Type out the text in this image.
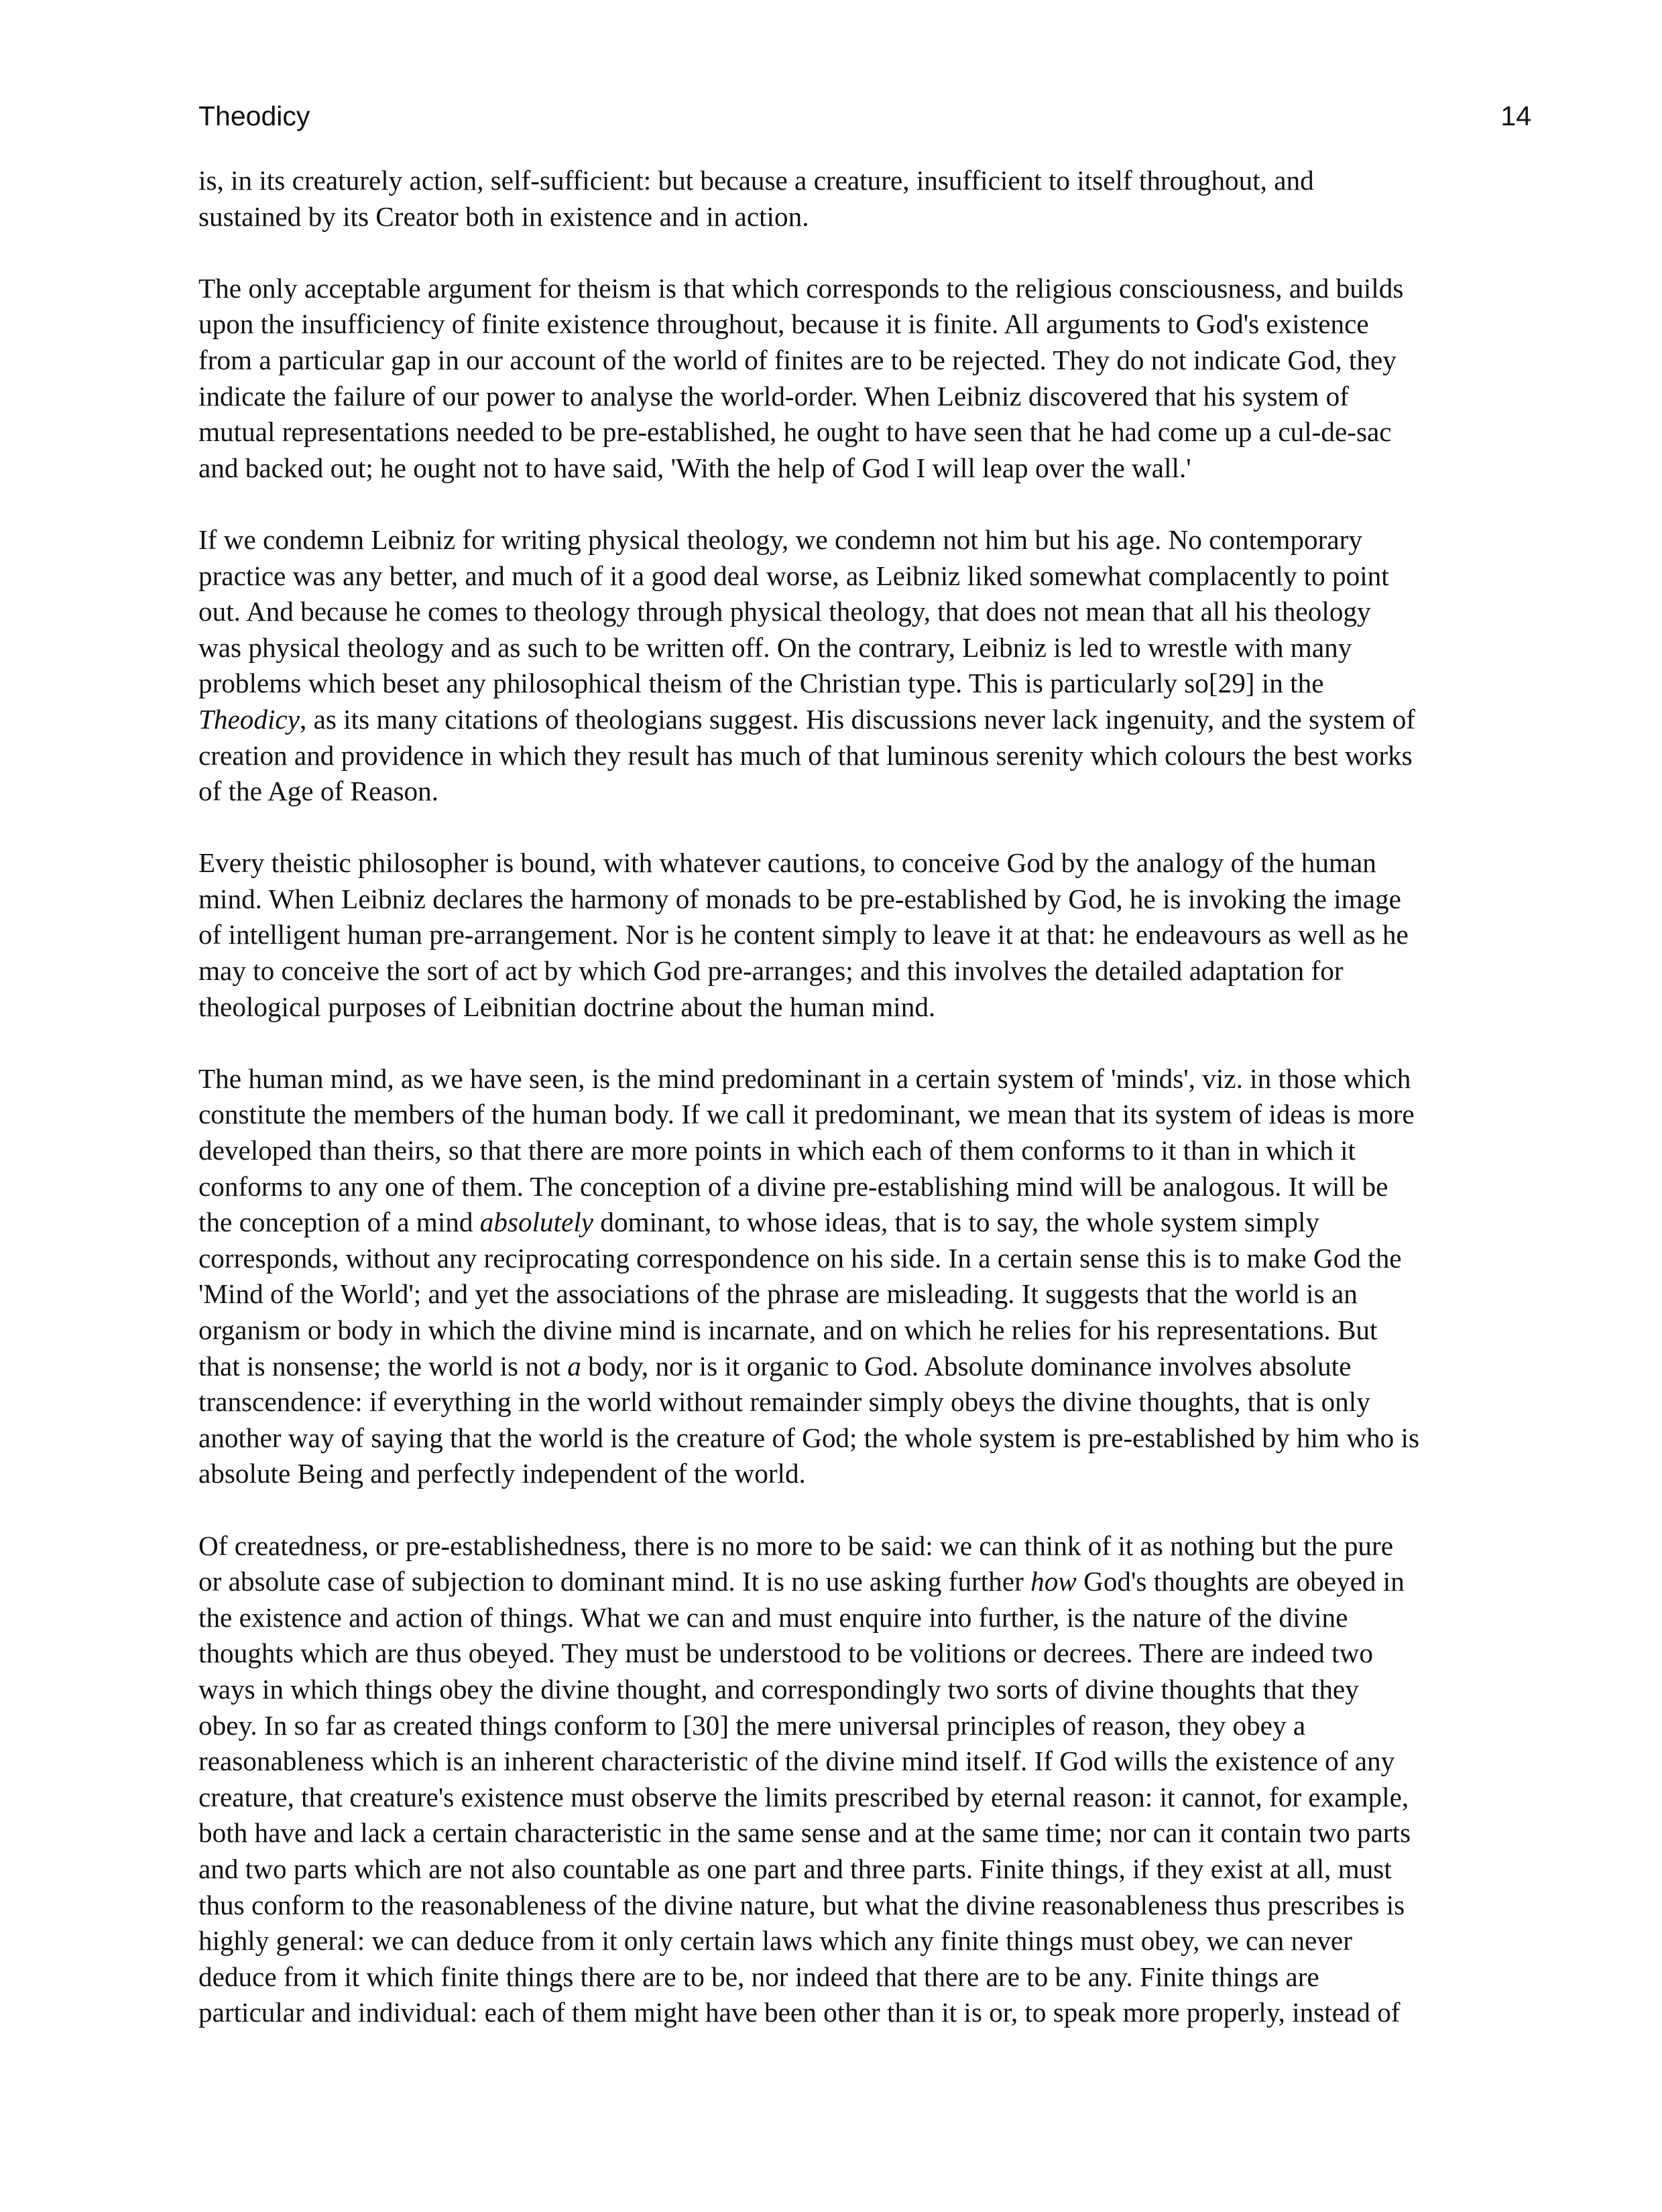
Theodicy	14

is, in its creaturely action, self-sufficient: but because a creature, insufficient to itself throughout, and
sustained by its Creator both in existence and in action.

The only acceptable argument for theism is that which corresponds to the religious consciousness, and builds
upon the insufficiency of finite existence throughout, because it is finite. All arguments to God's existence
from a particular gap in our account of the world of finites are to be rejected. They do not indicate God, they
indicate the failure of our power to analyse the world-order. When Leibniz discovered that his system of
mutual representations needed to be pre-established, he ought to have seen that he had come up a cul-de-sac
and backed out; he ought not to have said, 'With the help of God I will leap over the wall.'

If we condemn Leibniz for writing physical theology, we condemn not him but his age. No contemporary
practice was any better, and much of it a good deal worse, as Leibniz liked somewhat complacently to point
out. And because he comes to theology through physical theology, that does not mean that all his theology
was physical theology and as such to be written off. On the contrary, Leibniz is led to wrestle with many
problems which beset any philosophical theism of the Christian type. This is particularly so[29] in the
Theodicy, as its many citations of theologians suggest. His discussions never lack ingenuity, and the system of
creation and providence in which they result has much of that luminous serenity which colours the best works
of the Age of Reason.

Every theistic philosopher is bound, with whatever cautions, to conceive God by the analogy of the human
mind. When Leibniz declares the harmony of monads to be pre-established by God, he is invoking the image
of intelligent human pre-arrangement. Nor is he content simply to leave it at that: he endeavours as well as he
may to conceive the sort of act by which God pre-arranges; and this involves the detailed adaptation for
theological purposes of Leibnitian doctrine about the human mind.

The human mind, as we have seen, is the mind predominant in a certain system of 'minds', viz. in those which
constitute the members of the human body. If we call it predominant, we mean that its system of ideas is more
developed than theirs, so that there are more points in which each of them conforms to it than in which it
conforms to any one of them. The conception of a divine pre-establishing mind will be analogous. It will be
the conception of a mind absolutely dominant, to whose ideas, that is to say, the whole system simply
corresponds, without any reciprocating correspondence on his side. In a certain sense this is to make God the
'Mind of the World'; and yet the associations of the phrase are misleading. It suggests that the world is an
organism or body in which the divine mind is incarnate, and on which he relies for his representations. But
that is nonsense; the world is not a body, nor is it organic to God. Absolute dominance involves absolute
transcendence: if everything in the world without remainder simply obeys the divine thoughts, that is only
another way of saying that the world is the creature of God; the whole system is pre-established by him who is
absolute Being and perfectly independent of the world.

Of createdness, or pre-establishedness, there is no more to be said: we can think of it as nothing but the pure
or absolute case of subjection to dominant mind. It is no use asking further how God's thoughts are obeyed in
the existence and action of things. What we can and must enquire into further, is the nature of the divine
thoughts which are thus obeyed. They must be understood to be volitions or decrees. There are indeed two
ways in which things obey the divine thought, and correspondingly two sorts of divine thoughts that they
obey. In so far as created things conform to [30] the mere universal principles of reason, they obey a
reasonableness which is an inherent characteristic of the divine mind itself. If God wills the existence of any
creature, that creature's existence must observe the limits prescribed by eternal reason: it cannot, for example,
both have and lack a certain characteristic in the same sense and at the same time; nor can it contain two parts
and two parts which are not also countable as one part and three parts. Finite things, if they exist at all, must
thus conform to the reasonableness of the divine nature, but what the divine reasonableness thus prescribes is
highly general: we can deduce from it only certain laws which any finite things must obey, we can never
deduce from it which finite things there are to be, nor indeed that there are to be any. Finite things are
particular and individual: each of them might have been other than it is or, to speak more properly, instead of
